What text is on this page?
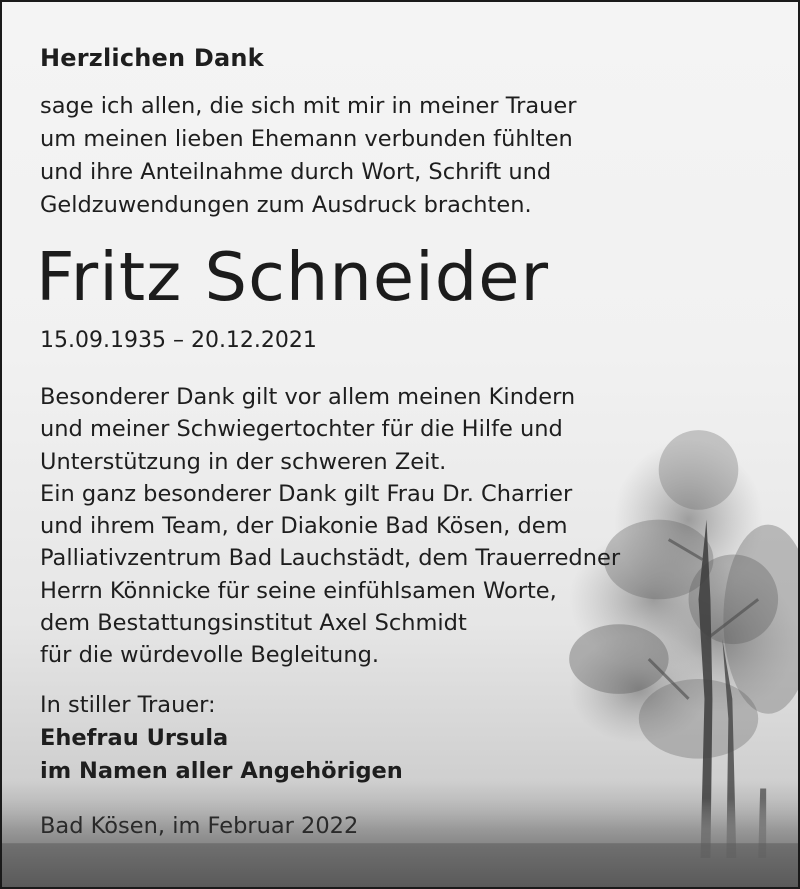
Herzlichen Dank
sage ich allen, die sich mit mir in meiner Trauer
um meinen lieben Ehemann verbunden fühlten
und ihre Anteilnahme durch Wort, Schrift und
Geldzuwendungen zum Ausdruck brachten.
Fritz Schneider
15.09.1935 – 20.12.2021
Besonderer Dank gilt vor allem meinen Kindern
und meiner Schwiegertochter für die Hilfe und
Unterstützung in der schweren Zeit.
Ein ganz besonderer Dank gilt Frau Dr. Charrier
und ihrem Team, der Diakonie Bad Kösen, dem
Palliativzentrum Bad Lauchstädt, dem Trauerredner
Herrn Könnicke für seine einfühlsamen Worte,
dem Bestattungsinstitut Axel Schmidt
für die würdevolle Begleitung.
In stiller Trauer:
Ehefrau Ursula
im Namen aller Angehörigen
Bad Kösen, im Februar 2022
